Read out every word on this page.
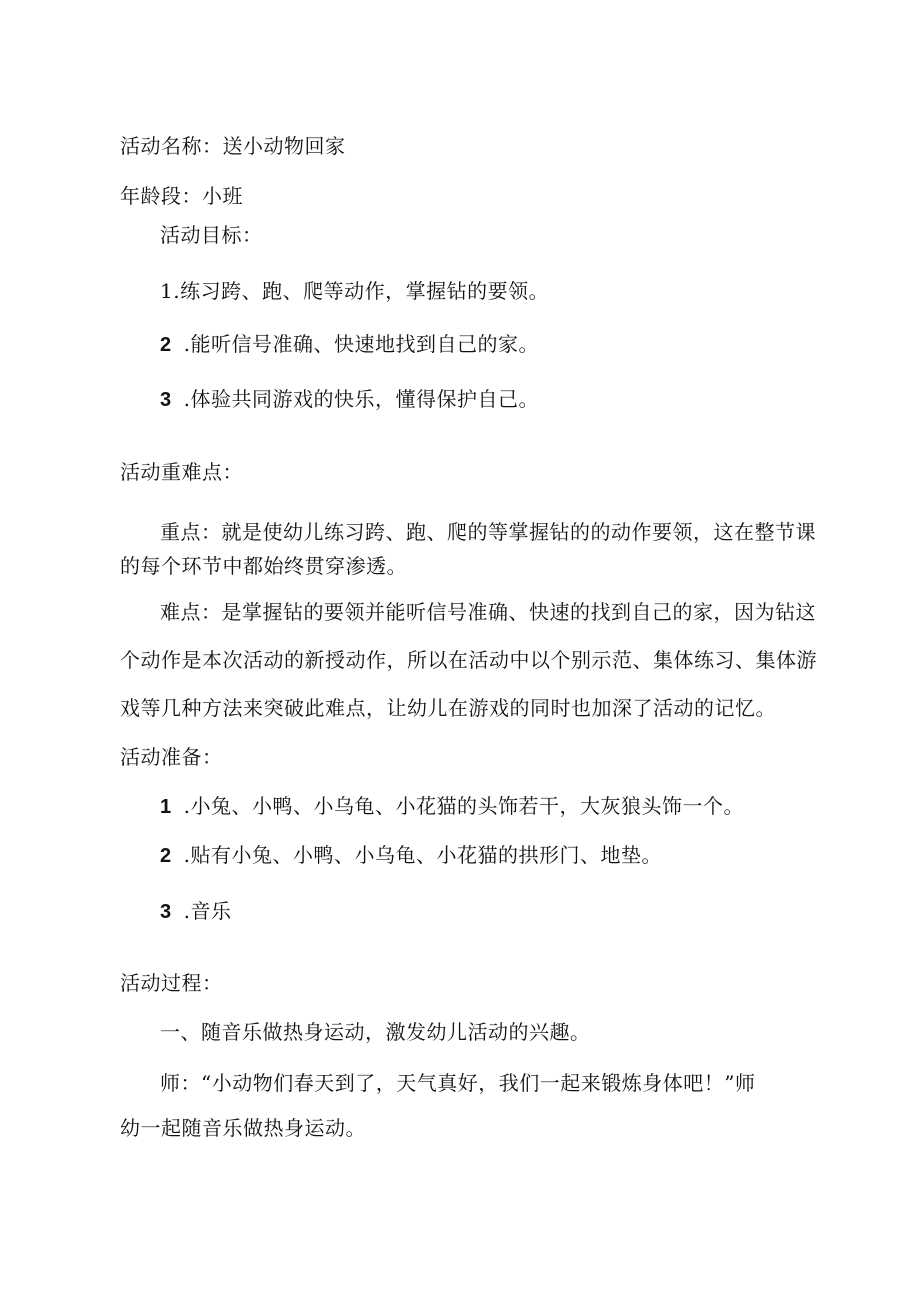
活动名称：送小动物回家

年龄段：小班

活动目标：

1.练习跨、跑、爬等动作，掌握钻的要领。

2 .能听信号准确、快速地找到自己的家。

3 .体验共同游戏的快乐，懂得保护自己。

活动重难点：

重点：就是使幼儿练习跨、跑、爬的等掌握钻的的动作要领，这在整节课

的每个环节中都始终贯穿渗透。

难点：是掌握钻的要领并能听信号准确、快速的找到自己的家，因为钻这

个动作是本次活动的新授动作，所以在活动中以个别示范、集体练习、集体游

戏等几种方法来突破此难点，让幼儿在游戏的同时也加深了活动的记忆。

活动准备：

1 .小兔、小鸭、小乌龟、小花猫的头饰若干，大灰狼头饰一个。

2 .贴有小兔、小鸭、小乌龟、小花猫的拱形门、地垫。

3 .音乐

活动过程：

一、随音乐做热身运动，激发幼儿活动的兴趣。

师：“小动物们春天到了，天气真好，我们一起来锻炼身体吧！”师

幼一起随音乐做热身运动。
